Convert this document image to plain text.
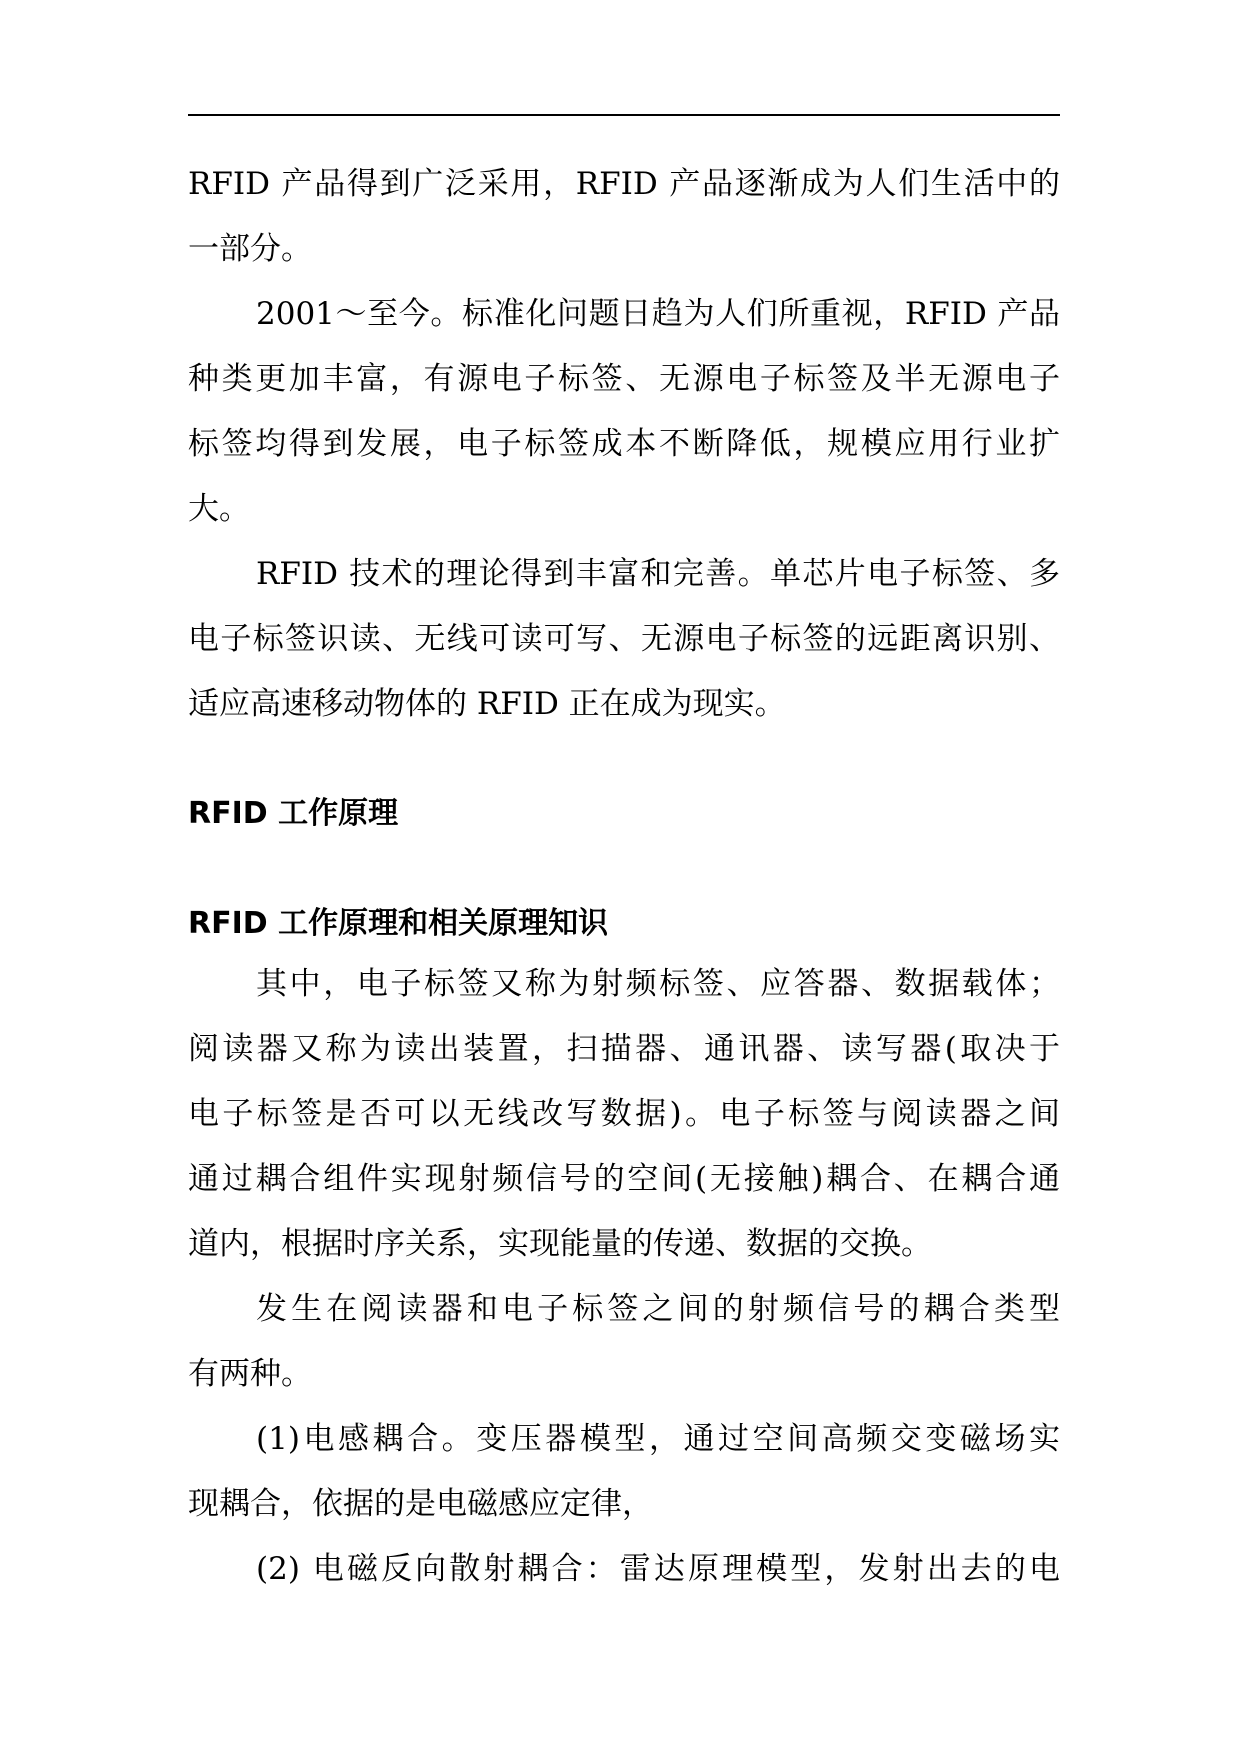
RFID 产品得到广泛采用，RFID 产品逐渐成为人们生活中的
一部分。
2001～至今。标准化问题日趋为人们所重视，RFID 产品
种类更加丰富，有源电子标签、无源电子标签及半无源电子
标签均得到发展，电子标签成本不断降低，规模应用行业扩
大。
RFID 技术的理论得到丰富和完善。单芯片电子标签、多
电子标签识读、无线可读可写、无源电子标签的远距离识别、
适应高速移动物体的 RFID 正在成为现实。
RFID 工作原理
RFID 工作原理和相关原理知识
其中，电子标签又称为射频标签、应答器、数据载体；
阅读器又称为读出装置，扫描器、通讯器、读写器(取决于
电子标签是否可以无线改写数据)。电子标签与阅读器之间
通过耦合组件实现射频信号的空间(无接触)耦合、在耦合通
道内，根据时序关系，实现能量的传递、数据的交换。
发生在阅读器和电子标签之间的射频信号的耦合类型
有两种。
(1)电感耦合。变压器模型，通过空间高频交变磁场实
现耦合，依据的是电磁感应定律，
(2) 电磁反向散射耦合：雷达原理模型，发射出去的电
